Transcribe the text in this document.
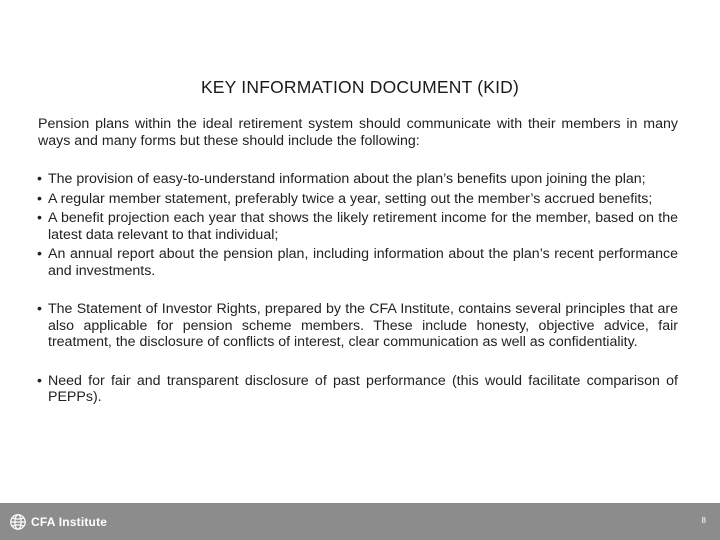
KEY INFORMATION DOCUMENT (KID)

Pension plans within the ideal retirement system should communicate with their members in many ways and many forms but these should include the following:

• The provision of easy-to-understand information about the plan’s benefits upon joining the plan;
• A regular member statement, preferably twice a year, setting out the member’s accrued benefits;
• A benefit projection each year that shows the likely retirement income for the member, based on the latest data relevant to that individual;
• An annual report about the pension plan, including information about the plan’s recent performance and investments.
• The Statement of Investor Rights, prepared by the CFA Institute, contains several principles that are also applicable for pension scheme members. These include honesty, objective advice, fair treatment, the disclosure of conflicts of interest, clear communication as well as confidentiality.
• Need for fair and transparent disclosure of past performance (this would facilitate comparison of PEPPs).
CFA Institute	8
